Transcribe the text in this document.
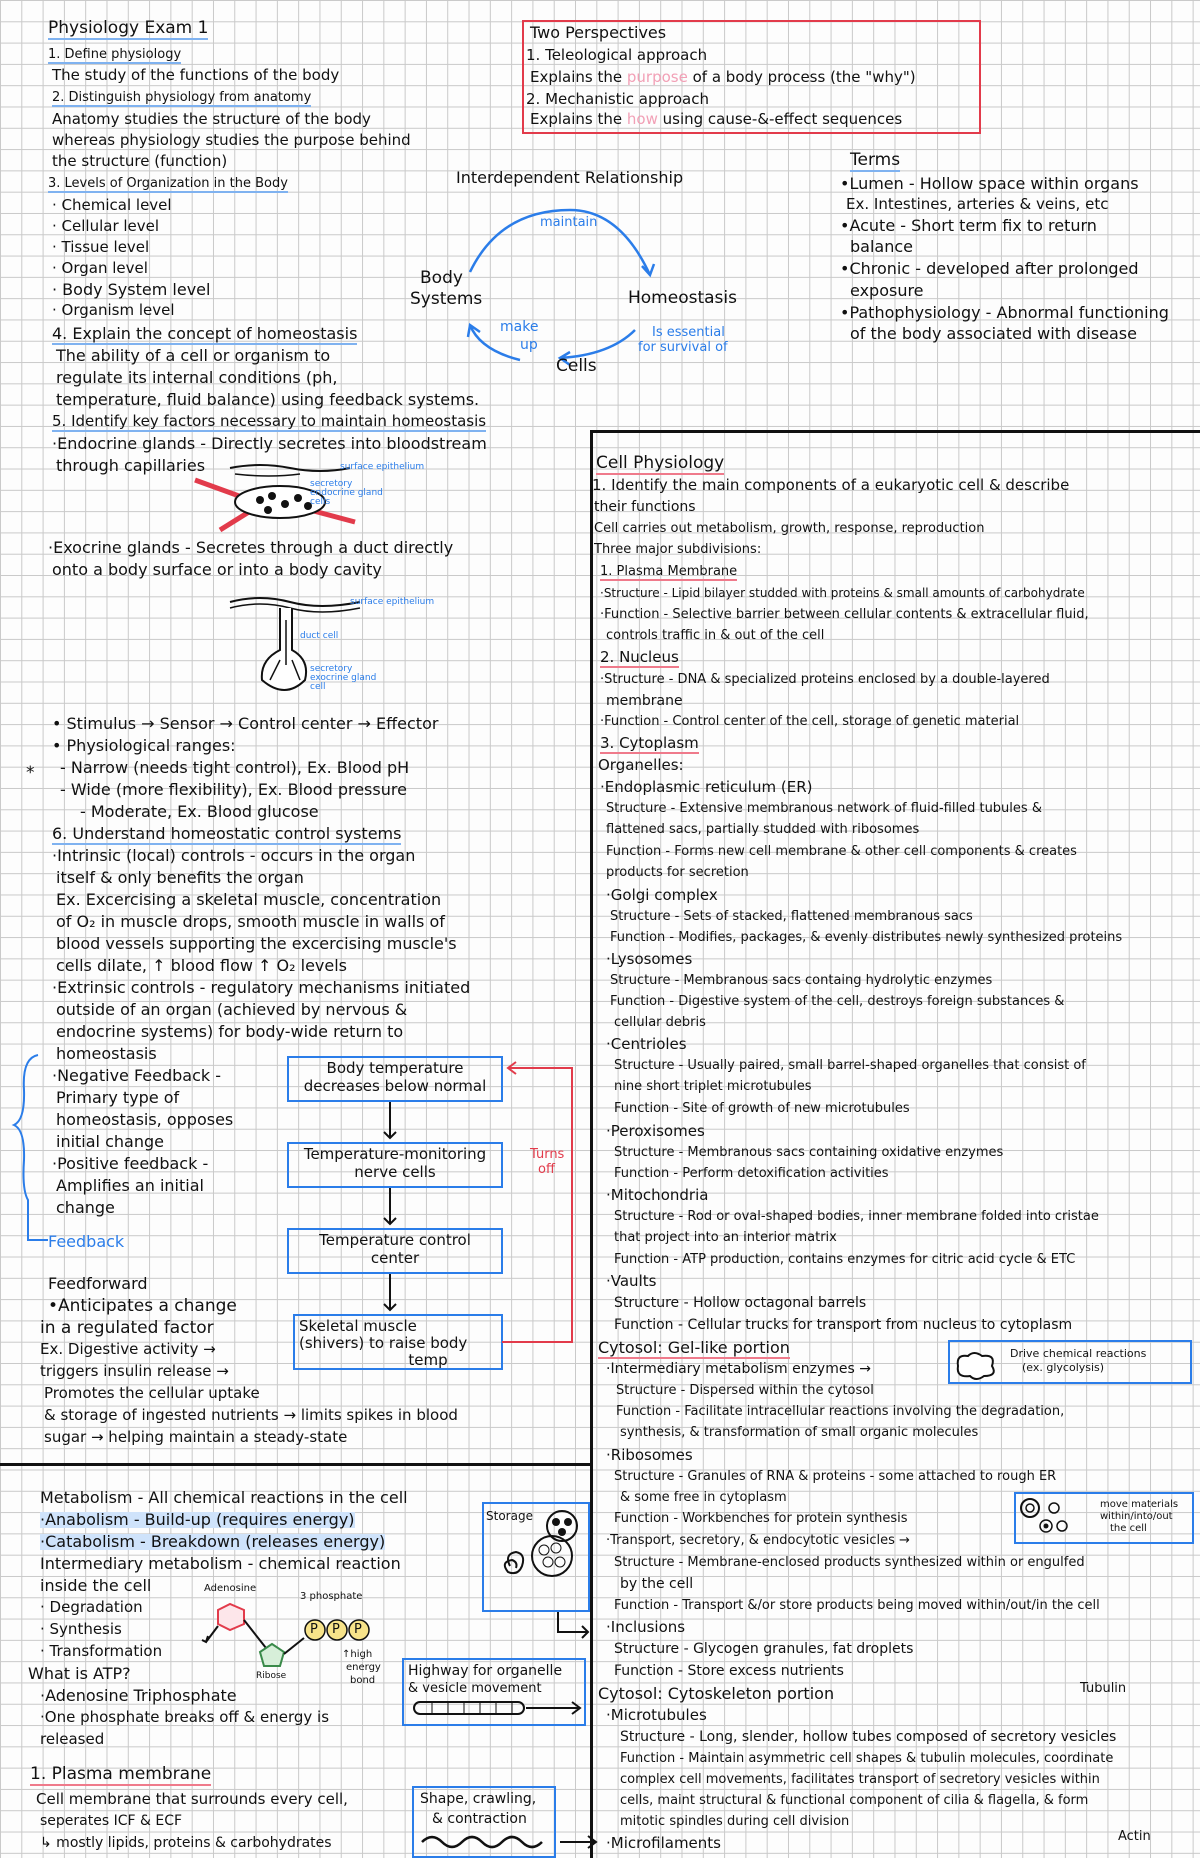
Physiology Exam 1
1. Define physiology
The study of the functions of the body
2. Distinguish physiology from anatomy
Anatomy studies the structure of the body
whereas physiology studies the purpose behind
the structure (function)
3. Levels of Organization in the Body
· Chemical level
· Cellular level
· Tissue level
· Organ level
· Body System level
· Organism level
4. Explain the concept of homeostasis
The ability of a cell or organism to
regulate its internal conditions (ph,
temperature, fluid balance) using feedback systems.
5. Identify key factors necessary to maintain homeostasis
·Endocrine glands - Directly secretes into bloodstream
through capillaries	surface epithelium
secretory endocrine gland cells
·Exocrine glands - Secretes through a duct directly
onto a body surface or into a body cavity
surface epithelium
duct cell
secretory exocrine gland cell
• Stimulus → Sensor → Control center → Effector
• Physiological ranges:
* - Narrow (needs tight control), Ex. Blood pH
- Wide (more flexibility), Ex. Blood pressure
- Moderate, Ex. Blood glucose
6. Understand homeostatic control systems
·Intrinsic (local) controls - occurs in the organ
itself & only benefits the organ
Ex. Excercising a skeletal muscle, concentration
of O₂ in muscle drops, smooth muscle in walls of
blood vessels supporting the excercising muscle's
cells dilate, ↑ blood flow ↑ O₂ levels
·Extrinsic controls - regulatory mechanisms initiated
outside of an organ (achieved by nervous &
endocrine systems) for body-wide return to
homeostasis
·Negative Feedback -
Primary type of
homeostasis, opposes
initial change
·Positive feedback -
Amplifies an initial
change
Feedback
Body temperature
decreases below normal
Temperature-monitoring
nerve cells
Temperature control
center
Skeletal muscle
(shivers) to raise body
temp
Turns
off
Feedforward
•Anticipates a change
in a regulated factor
Ex. Digestive activity →
triggers insulin release →
Promotes the cellular uptake
& storage of ingested nutrients → limits spikes in blood
sugar → helping maintain a steady-state
Two Perspectives
1. Teleological approach
Explains the purpose of a body process (the "why")
2. Mechanistic approach
Explains the how using cause-&-effect sequences
Interdependent Relationship
maintain
Body
Systems	Homeostasis
Is essential
for survival of
make
up
Cells
Terms
•Lumen - Hollow space within organs
Ex. Intestines, arteries & veins, etc
•Acute - Short term fix to return
balance
•Chronic - developed after prolonged
exposure
•Pathophysiology - Abnormal functioning
of the body associated with disease
Cell Physiology
1. Identify the main components of a eukaryotic cell & describe
their functions
Cell carries out metabolism, growth, response, reproduction
Three major subdivisions:
1. Plasma Membrane
·Structure - Lipid bilayer studded with proteins & small amounts of carbohydrate
·Function - Selective barrier between cellular contents & extracellular fluid,
controls traffic in & out of the cell
2. Nucleus
·Structure - DNA & specialized proteins enclosed by a double-layered
membrane
·Function - Control center of the cell, storage of genetic material
3. Cytoplasm
Organelles:
·Endoplasmic reticulum (ER)
Structure - Extensive membranous network of fluid-filled tubules &
flattened sacs, partially studded with ribosomes
Function - Forms new cell membrane & other cell components & creates
products for secretion
·Golgi complex
Structure - Sets of stacked, flattened membranous sacs
Function - Modifies, packages, & evenly distributes newly synthesized proteins
·Lysosomes
Structure - Membranous sacs containg hydrolytic enzymes
Function - Digestive system of the cell, destroys foreign substances &
cellular debris
·Centrioles
Structure - Usually paired, small barrel-shaped organelles that consist of
nine short triplet microtubules
Function - Site of growth of new microtubules
·Peroxisomes
Structure - Membranous sacs containing oxidative enzymes
Function - Perform detoxification activities
·Mitochondria
Structure - Rod or oval-shaped bodies, inner membrane folded into cristae
that project into an interior matrix
Function - ATP production, contains enzymes for citric acid cycle & ETC
·Vaults
Structure - Hollow octagonal barrels
Function - Cellular trucks for transport from nucleus to cytoplasm
Cytosol: Gel-like portion
·Intermediary metabolism enzymes →
Drive chemical reactions
(ex. glycolysis)
Structure - Dispersed within the cytosol
Function - Facilitate intracellular reactions involving the degradation,
synthesis, & transformation of small organic molecules
·Ribosomes
Structure - Granules of RNA & proteins - some attached to rough ER
& some free in cytoplasm
Function - Workbenches for protein synthesis
move materials
within/into/out
the cell
·Transport, secretory, & endocytotic vesicles →
Structure - Membrane-enclosed products synthesized within or engulfed
by the cell
Function - Transport &/or store products being moved within/out/in the cell
·Inclusions
Structure - Glycogen granules, fat droplets
Function - Store excess nutrients
Cytosol: Cytoskeleton portion	Tubulin
·Microtubules
Structure - Long, slender, hollow tubes composed of secretory vesicles
Function - Maintain asymmetric cell shapes & tubulin molecules, coordinate
complex cell movements, facilitates transport of secretory vesicles within
cells, maint structural & functional component of cilia & flagella, & form
mitotic spindles during cell division
·Microfilaments	Actin
Metabolism - All chemical reactions in the cell
·Anabolism - Build-up (requires energy)
·Catabolism - Breakdown (releases energy)
Intermediary metabolism - chemical reaction
inside the cell
· Degradation
· Synthesis
· Transformation
What is ATP?
·Adenosine Triphosphate
·One phosphate breaks off & energy is
released
Adenosine
3 phosphate
P P P
Ribose
↑high
energy
bond
Storage
Highway for organelle
& vesicle movement
1. Plasma membrane
Cell membrane that surrounds every cell,
seperates ICF & ECF
↳ mostly lipids, proteins & carbohydrates
Shape, crawling,
& contraction
